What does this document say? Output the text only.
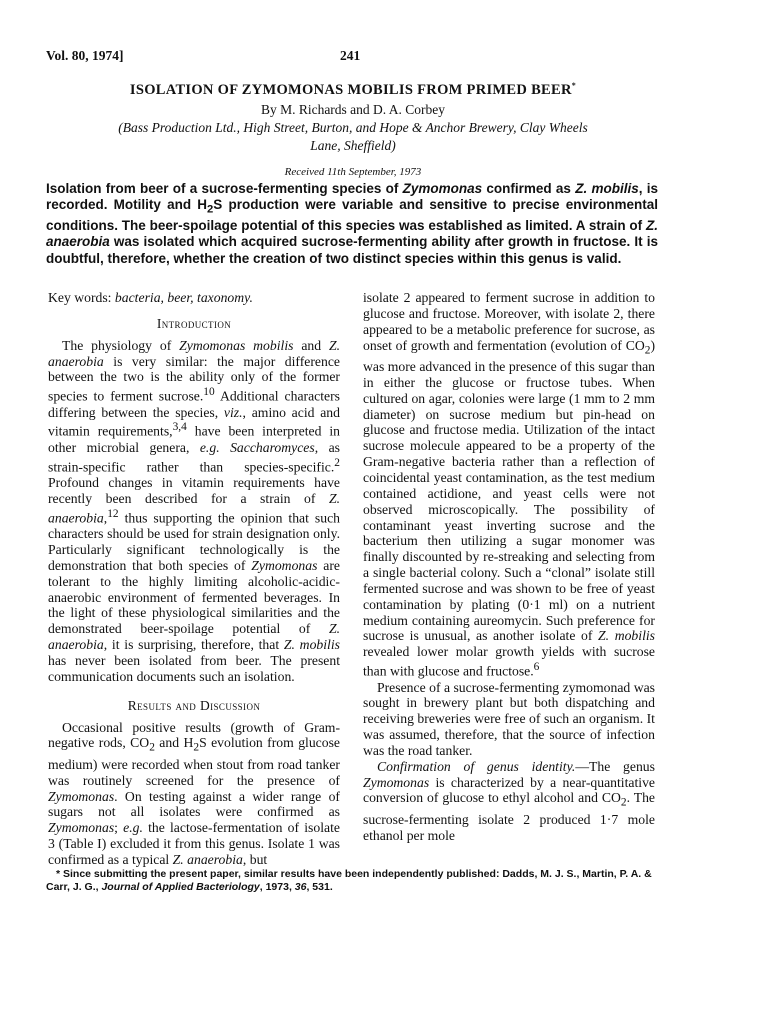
Vol. 80, 1974]	241
ISOLATION OF ZYMOMONAS MOBILIS FROM PRIMED BEER*
By M. Richards and D. A. Corbey
(Bass Production Ltd., High Street, Burton, and Hope & Anchor Brewery, Clay Wheels Lane, Sheffield)
Received 11th September, 1973
Isolation from beer of a sucrose-fermenting species of Zymomonas confirmed as Z. mobilis, is recorded. Motility and $H_2S$ production were variable and sensitive to precise environmental conditions. The beer-spoilage potential of this species was established as limited. A strain of Z. anaerobia was isolated which acquired sucrose-fermenting ability after growth in fructose. It is doubtful, therefore, whether the creation of two distinct species within this genus is valid.

Key words: bacteria, beer, taxonomy.

Introduction

The physiology of Zymomonas mobilis and Z. anaerobia is very similar: the major difference between the two is the ability only of the former species to ferment sucrose.$^{10}$ Additional characters differing between the species, viz., amino acid and vitamin requirements,$^{3,4}$ have been interpreted in other microbial genera, e.g. Saccharomyces, as strain-specific rather than species-specific.$^2$ Profound changes in vitamin requirements have recently been described for a strain of Z. anaerobia,$^{12}$ thus supporting the opinion that such characters should be used for strain designation only. Particularly significant technologically is the demonstration that both species of Zymomonas are tolerant to the highly limiting alcoholic-acidic-anaerobic environment of fermented beverages. In the light of these physiological similarities and the demonstrated beer-spoilage potential of Z. anaerobia, it is surprising, therefore, that Z. mobilis has never been isolated from beer. The present communication documents such an isolation.

Results and Discussion

Occasional positive results (growth of Gram-negative rods, $CO_2$ and $H_2S$ evolution from glucose medium) were recorded when stout from road tanker was routinely screened for the presence of Zymomonas. On testing against a wider range of sugars not all isolates were confirmed as Zymomonas; e.g. the lactose-fermentation of isolate 3 (Table I) excluded it from this genus. Isolate 1 was confirmed as a typical Z. anaerobia, but

isolate 2 appeared to ferment sucrose in addition to glucose and fructose. Moreover, with isolate 2, there appeared to be a metabolic preference for sucrose, as onset of growth and fermentation (evolution of $CO_2$) was more advanced in the presence of this sugar than in either the glucose or fructose tubes. When cultured on agar, colonies were large (1 mm to 2 mm diameter) on sucrose medium but pin-head on glucose and fructose media. Utilization of the intact sucrose molecule appeared to be a property of the Gram-negative bacteria rather than a reflection of coincidental yeast contamination, as the test medium contained actidione, and yeast cells were not observed microscopically. The possibility of contaminant yeast inverting sucrose and the bacterium then utilizing a sugar monomer was finally discounted by re-streaking and selecting from a single bacterial colony. Such a “clonal” isolate still fermented sucrose and was shown to be free of yeast contamination by plating (0·1 ml) on a nutrient medium containing aureomycin. Such preference for sucrose is unusual, as another isolate of Z. mobilis revealed lower molar growth yields with sucrose than with glucose and fructose.$^6$

Presence of a sucrose-fermenting zymomonad was sought in brewery plant but both dispatching and receiving breweries were free of such an organism. It was assumed, therefore, that the source of infection was the road tanker.

Confirmation of genus identity.—The genus Zymomonas is characterized by a near-quantitative conversion of glucose to ethyl alcohol and $CO_2$. The sucrose-fermenting isolate 2 produced 1·7 mole ethanol per mole

* Since submitting the present paper, similar results have been independently published: Dadds, M. J. S., Martin, P. A. & Carr, J. G., Journal of Applied Bacteriology, 1973, 36, 531.
